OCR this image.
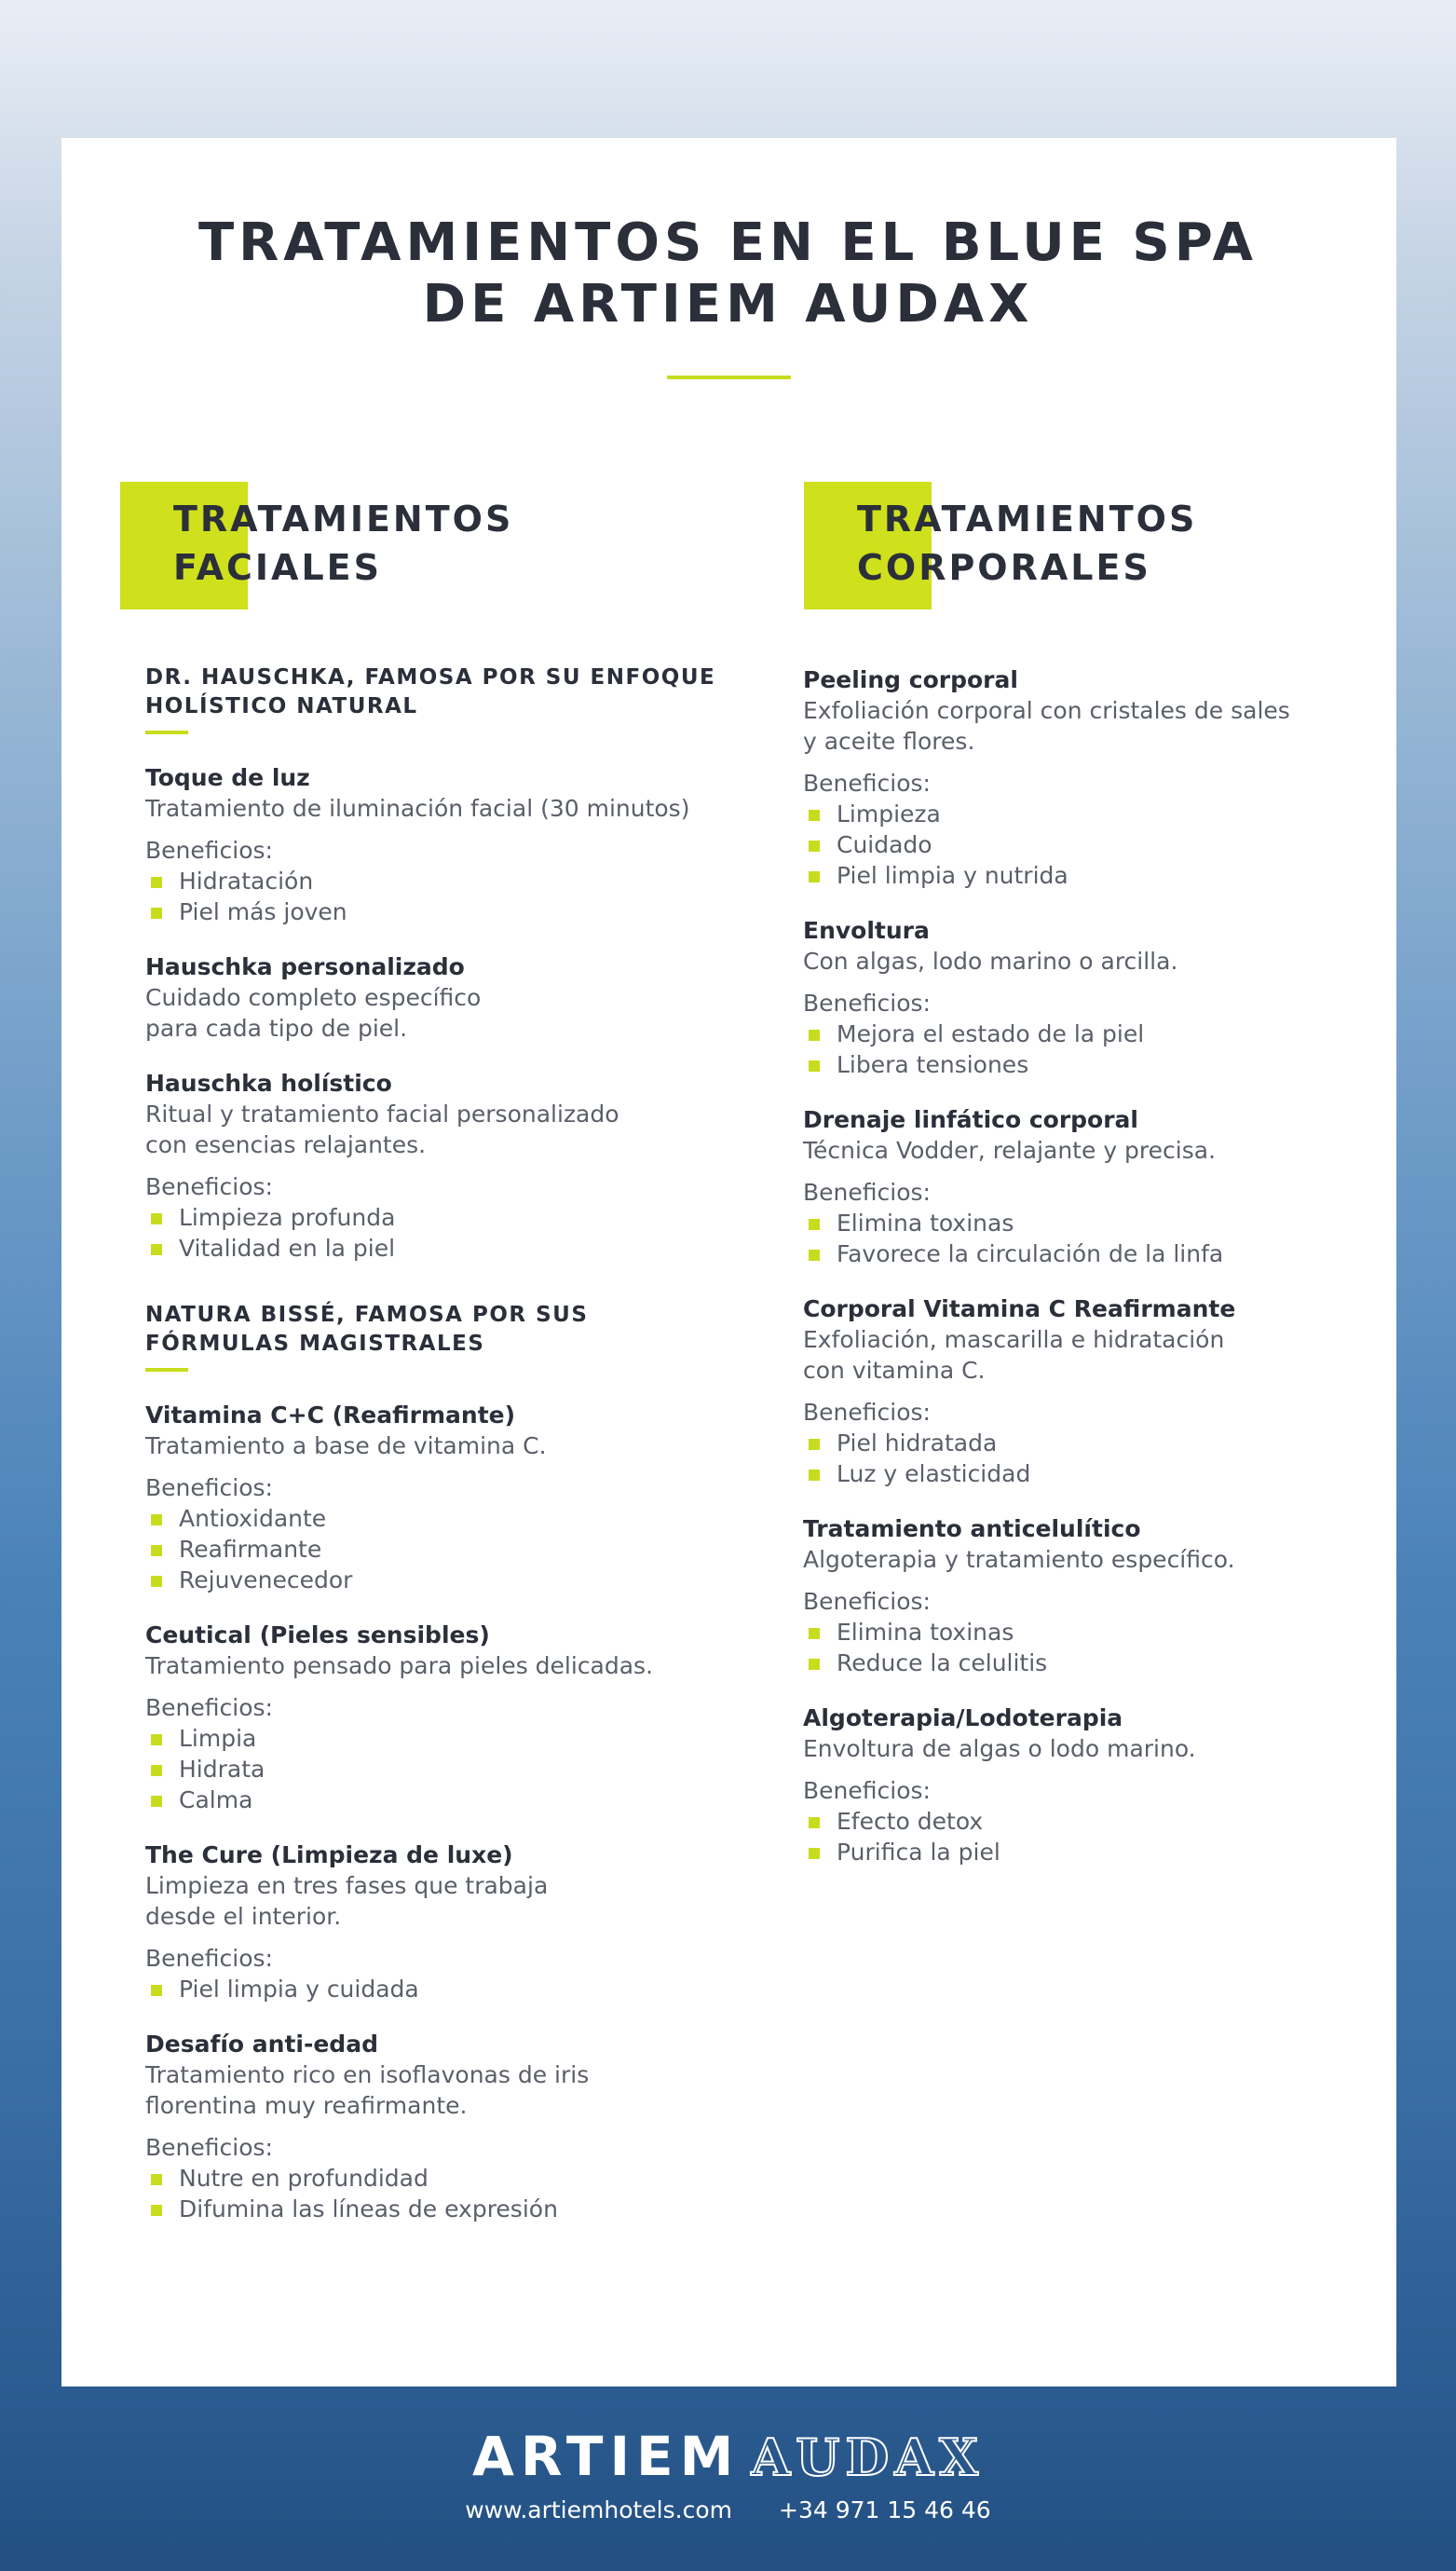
TRATAMIENTOS EN EL BLUE SPA
DE ARTIEM AUDAX
TRATAMIENTOS
FACIALES
TRATAMIENTOS
CORPORALES
DR. HAUSCHKA, FAMOSA POR SU ENFOQUE
HOLÍSTICO NATURAL
Toque de luz
Tratamiento de iluminación facial (30 minutos)
Beneficios:
Hidratación
Piel más joven
Hauschka personalizado
Cuidado completo específico
para cada tipo de piel.
Hauschka holístico
Ritual y tratamiento facial personalizado
con esencias relajantes.
Beneficios:
Limpieza profunda
Vitalidad en la piel
NATURA BISSÉ, FAMOSA POR SUS
FÓRMULAS MAGISTRALES
Vitamina C+C (Reafirmante)
Tratamiento a base de vitamina C.
Beneficios:
Antioxidante
Reafirmante
Rejuvenecedor
Ceutical (Pieles sensibles)
Tratamiento pensado para pieles delicadas.
Beneficios:
Limpia
Hidrata
Calma
The Cure (Limpieza de luxe)
Limpieza en tres fases que trabaja
desde el interior.
Beneficios:
Piel limpia y cuidada
Desafío anti-edad
Tratamiento rico en isoflavonas de iris
florentina muy reafirmante.
Beneficios:
Nutre en profundidad
Difumina las líneas de expresión
Peeling corporal
Exfoliación corporal con cristales de sales
y aceite flores.
Beneficios:
Limpieza
Cuidado
Piel limpia y nutrida
Envoltura
Con algas, lodo marino o arcilla.
Beneficios:
Mejora el estado de la piel
Libera tensiones
Drenaje linfático corporal
Técnica Vodder, relajante y precisa.
Beneficios:
Elimina toxinas
Favorece la circulación de la linfa
Corporal Vitamina C Reafirmante
Exfoliación, mascarilla e hidratación
con vitamina C.
Beneficios:
Piel hidratada
Luz y elasticidad
Tratamiento anticelulítico
Algoterapia y tratamiento específico.
Beneficios:
Elimina toxinas
Reduce la celulitis
Algoterapia/Lodoterapia
Envoltura de algas o lodo marino.
Beneficios:
Efecto detox
Purifica la piel
ARTIEM AUDAX
www.artiemhotels.com +34 971 15 46 46
